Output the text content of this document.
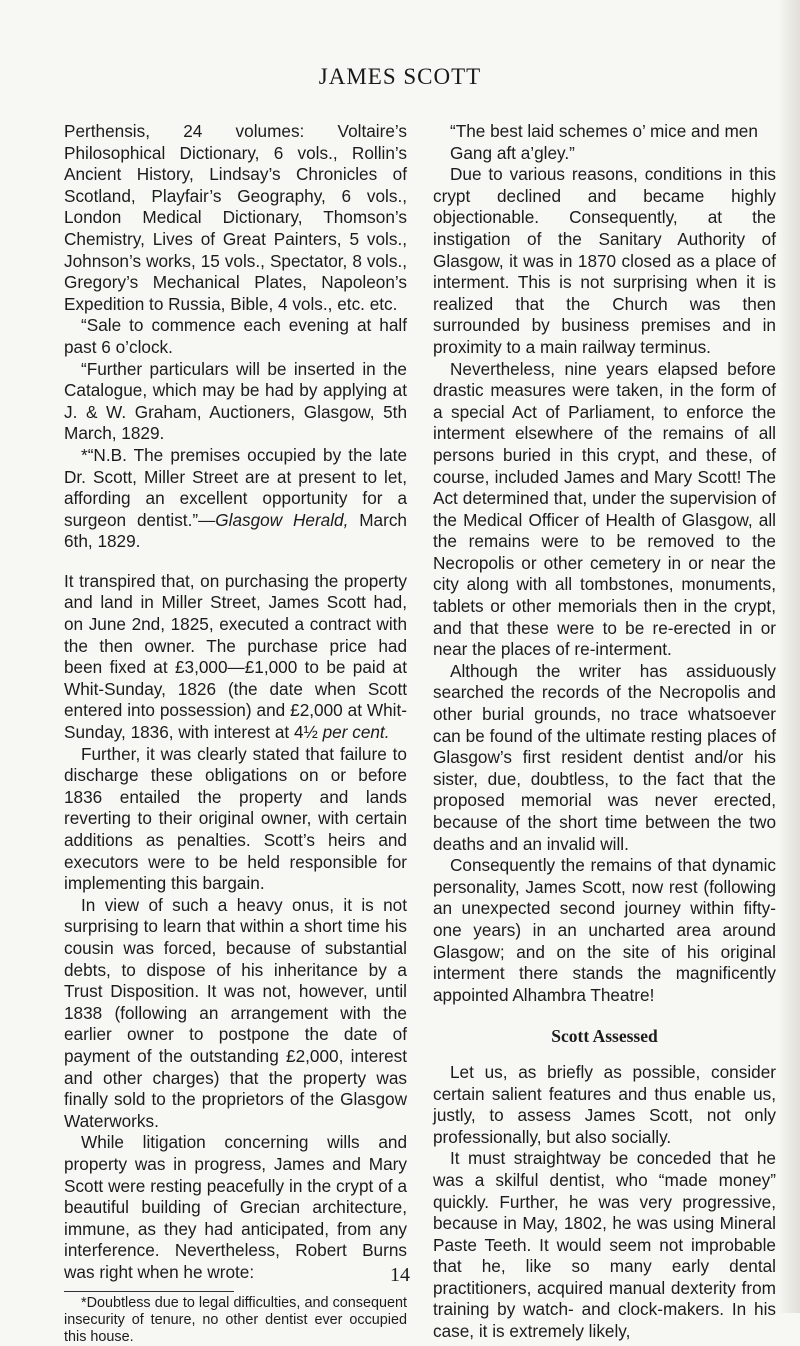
JAMES SCOTT

Perthensis, 24 volumes: Voltaire’s Philosophical Dictionary, 6 vols., Rollin’s Ancient History, Lindsay’s Chronicles of Scotland, Playfair’s Geography, 6 vols., London Medical Dictionary, Thomson’s Chemistry, Lives of Great Painters, 5 vols., Johnson’s works, 15 vols., Spectator, 8 vols., Gregory’s Mechanical Plates, Napoleon’s Expedition to Russia, Bible, 4 vols., etc. etc.

“Sale to commence each evening at half past 6 o’clock.

“Further particulars will be inserted in the Catalogue, which may be had by applying at J. & W. Graham, Auctioners, Glasgow, 5th March, 1829.

*“N.B. The premises occupied by the late Dr. Scott, Miller Street are at present to let, affording an excellent opportunity for a surgeon dentist.”—Glasgow Herald, March 6th, 1829.

It transpired that, on purchasing the property and land in Miller Street, James Scott had, on June 2nd, 1825, executed a contract with the then owner. The purchase price had been fixed at £3,000—£1,000 to be paid at Whit-Sunday, 1826 (the date when Scott entered into possession) and £2,000 at Whit-Sunday, 1836, with interest at 4½ per cent.

Further, it was clearly stated that failure to discharge these obligations on or before 1836 entailed the property and lands reverting to their original owner, with certain additions as penalties. Scott’s heirs and executors were to be held responsible for implementing this bargain.

In view of such a heavy onus, it is not surprising to learn that within a short time his cousin was forced, because of substantial debts, to dispose of his inheritance by a Trust Disposition. It was not, however, until 1838 (following an arrangement with the earlier owner to postpone the date of payment of the outstanding £2,000, interest and other charges) that the property was finally sold to the proprietors of the Glasgow Waterworks.

While litigation concerning wills and property was in progress, James and Mary Scott were resting peacefully in the crypt of a beautiful building of Grecian architecture, immune, as they had anticipated, from any interference. Nevertheless, Robert Burns was right when he wrote:

*Doubtless due to legal difficulties, and consequent insecurity of tenure, no other dentist ever occupied this house.

“The best laid schemes o’ mice and men

Gang aft a’gley.”

Due to various reasons, conditions in this crypt declined and became highly objectionable. Consequently, at the instigation of the Sanitary Authority of Glasgow, it was in 1870 closed as a place of interment. This is not surprising when it is realized that the Church was then surrounded by business premises and in proximity to a main railway terminus.

Nevertheless, nine years elapsed before drastic measures were taken, in the form of a special Act of Parliament, to enforce the interment elsewhere of the remains of all persons buried in this crypt, and these, of course, included James and Mary Scott! The Act determined that, under the supervision of the Medical Officer of Health of Glasgow, all the remains were to be removed to the Necropolis or other cemetery in or near the city along with all tombstones, monuments, tablets or other memorials then in the crypt, and that these were to be re-erected in or near the places of re-interment.

Although the writer has assiduously searched the records of the Necropolis and other burial grounds, no trace whatsoever can be found of the ultimate resting places of Glasgow’s first resident dentist and/or his sister, due, doubtless, to the fact that the proposed memorial was never erected, because of the short time between the two deaths and an invalid will.

Consequently the remains of that dynamic personality, James Scott, now rest (following an unexpected second journey within fifty-one years) in an uncharted area around Glasgow; and on the site of his original interment there stands the magnificently appointed Alhambra Theatre!

Scott Assessed

Let us, as briefly as possible, consider certain salient features and thus enable us, justly, to assess James Scott, not only professionally, but also socially.

It must straightway be conceded that he was a skilful dentist, who “made money” quickly. Further, he was very progressive, because in May, 1802, he was using Mineral Paste Teeth. It would seem not improbable that he, like so many early dental practitioners, acquired manual dexterity from training by watch- and clock-makers. In his case, it is extremely likely,

14
